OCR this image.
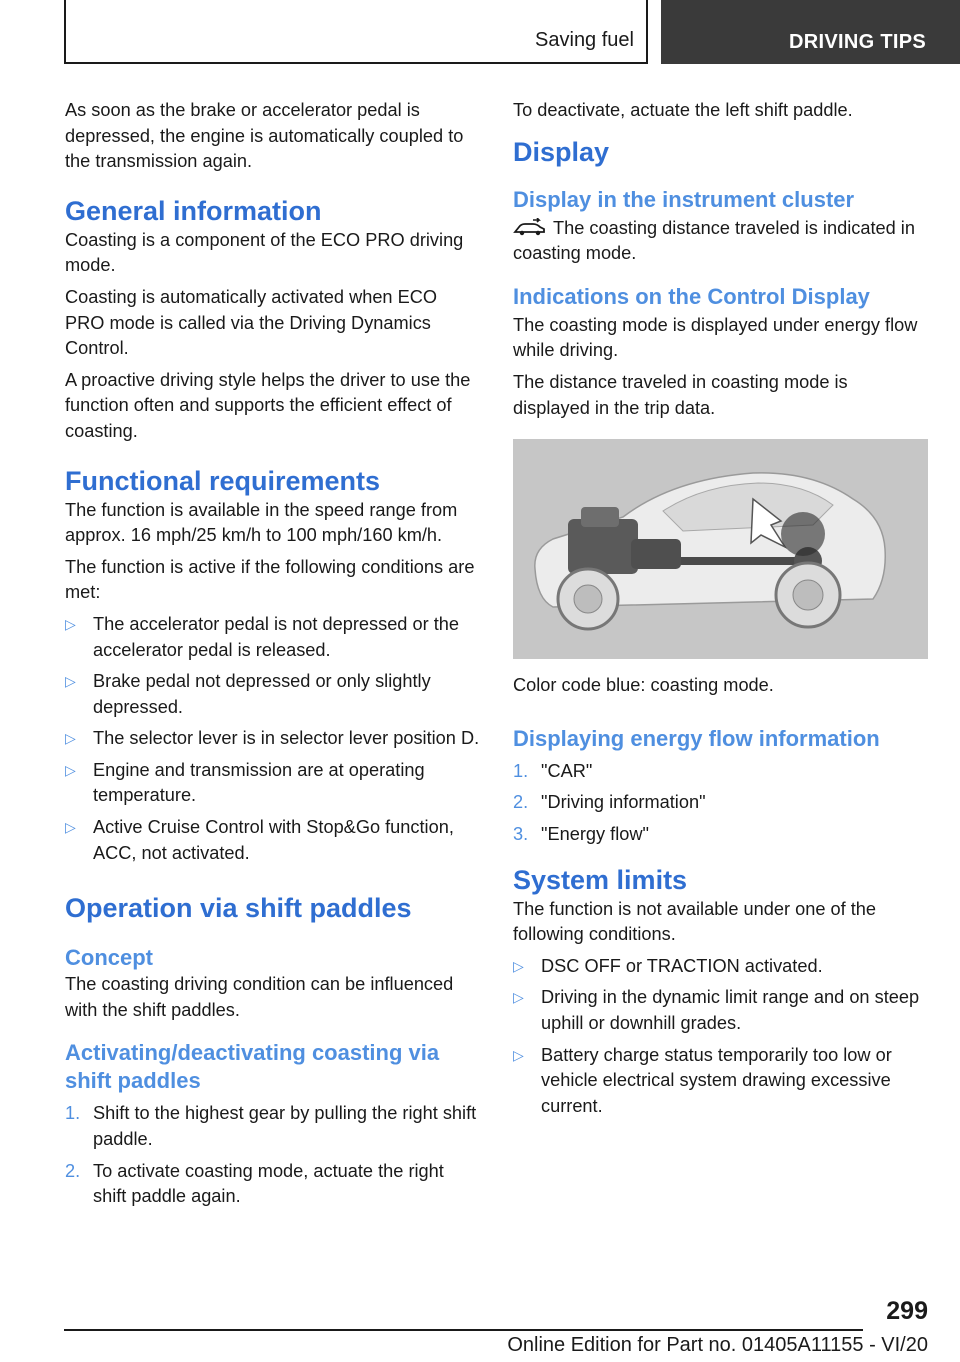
Saving fuel	DRIVING TIPS

As soon as the brake or accelerator pedal is depressed, the engine is automatically coupled to the transmission again.

General information

Coasting is a component of the ECO PRO driving mode.

Coasting is automatically activated when ECO PRO mode is called via the Driving Dynamics Control.

A proactive driving style helps the driver to use the function often and supports the efficient effect of coasting.

Functional requirements

The function is available in the speed range from approx. 16 mph/25 km/h to 100 mph/160 km/h.

The function is active if the following conditions are met:

▷ The accelerator pedal is not depressed or the accelerator pedal is released.
▷ Brake pedal not depressed or only slightly depressed.
▷ The selector lever is in selector lever position D.
▷ Engine and transmission are at operating temperature.
▷ Active Cruise Control with Stop&Go function, ACC, not activated.
Operation via shift paddles
Concept

The coasting driving condition can be influenced with the shift paddles.

Activating/deactivating coasting via shift paddles
1. Shift to the highest gear by pulling the right shift paddle.
2. To activate coasting mode, actuate the right shift paddle again.

To deactivate, actuate the left shift paddle.

Display
Display in the instrument cluster

The coasting distance traveled is indicated in coasting mode.

Indications on the Control Display

The coasting mode is displayed under energy flow while driving.

The distance traveled in coasting mode is displayed in the trip data.

Color code blue: coasting mode.

Displaying energy flow information
1. "CAR"
2. "Driving information"
3. "Energy flow"
System limits

The function is not available under one of the following conditions.

▷ DSC OFF or TRACTION activated.
▷ Driving in the dynamic limit range and on steep uphill or downhill grades.
▷ Battery charge status temporarily too low or vehicle electrical system drawing excessive current.
299
Online Edition for Part no. 01405A11155 - VI/20
